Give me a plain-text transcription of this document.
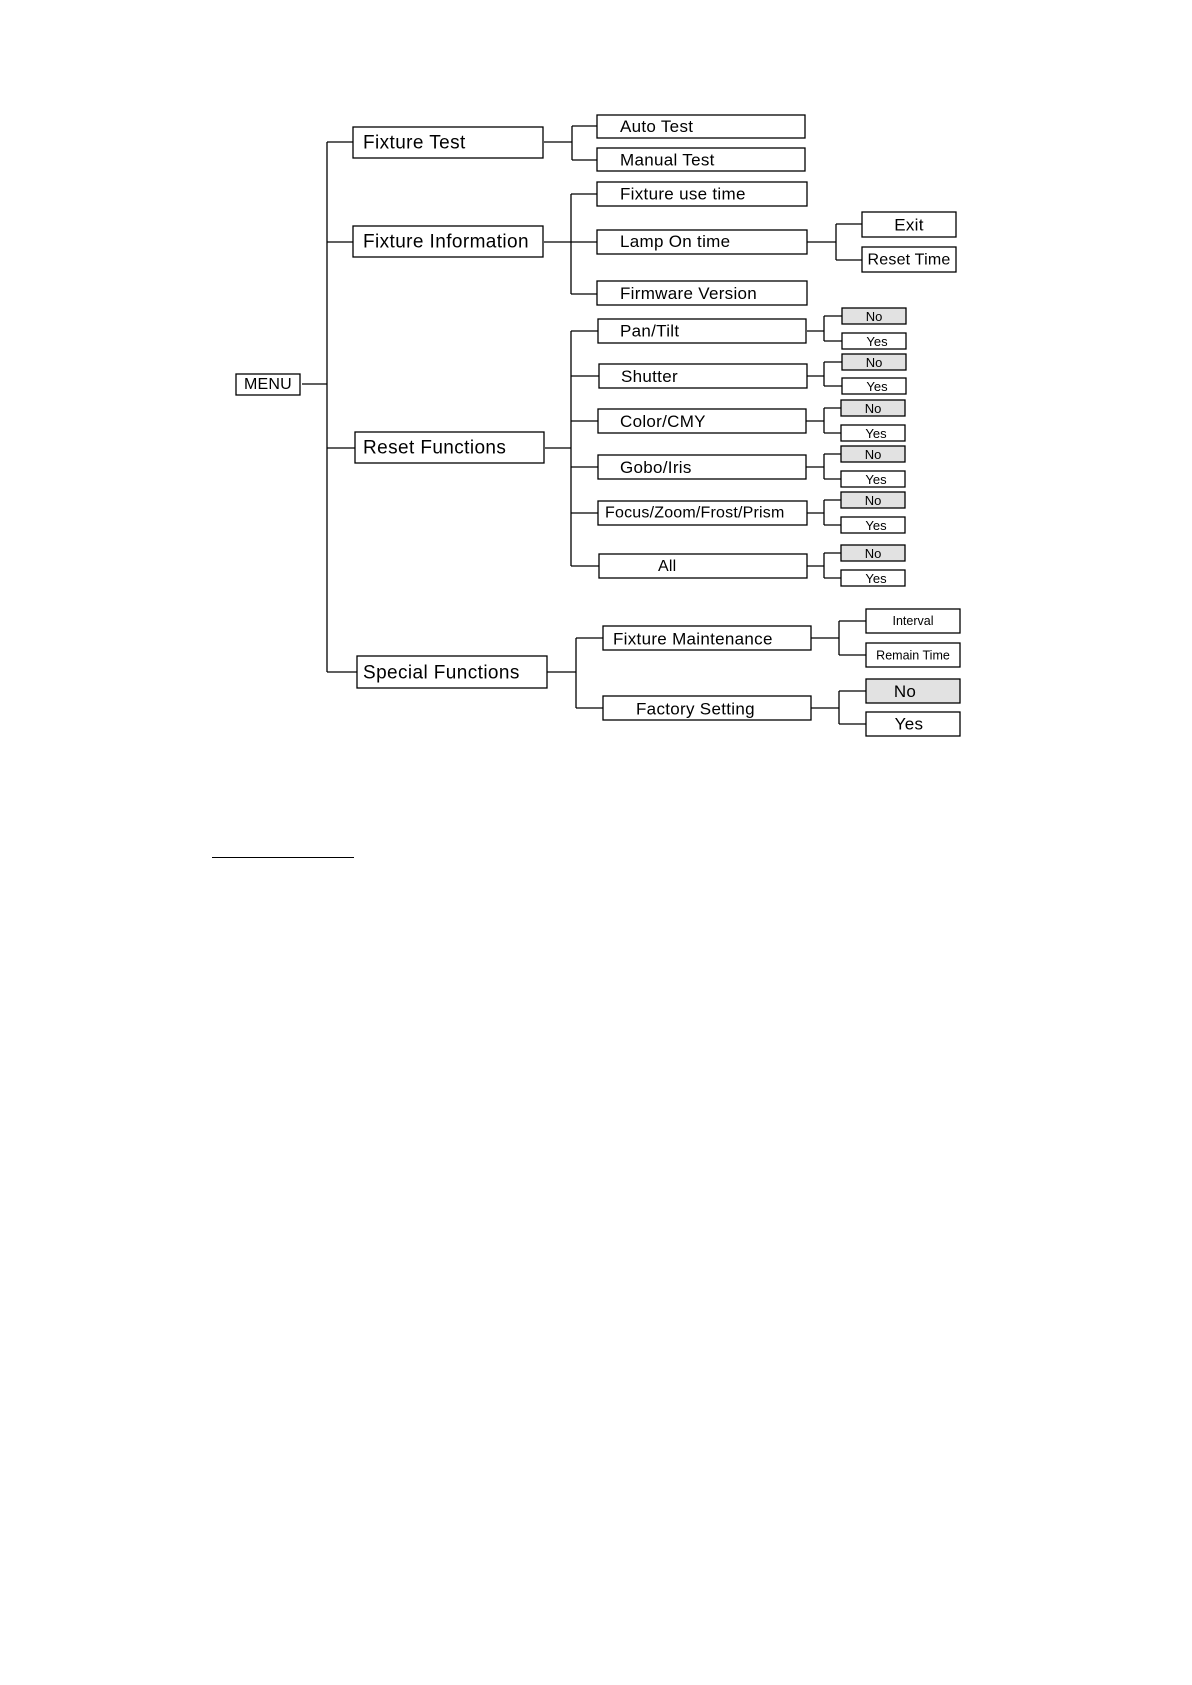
MENU
Fixture Test
Auto Test
Manual Test
Fixture Information
Fixture use time
Lamp On time
Firmware Version
Exit
Reset Time
Reset Functions
Pan/Tilt
No
Yes
Shutter
No
Yes
Color/CMY
No
Yes
Gobo/Iris
No
Yes
Focus/Zoom/Frost/Prism
No
Yes
All
No
Yes
Special Functions
Fixture Maintenance
Factory Setting
Interval
Remain Time
No
Yes
